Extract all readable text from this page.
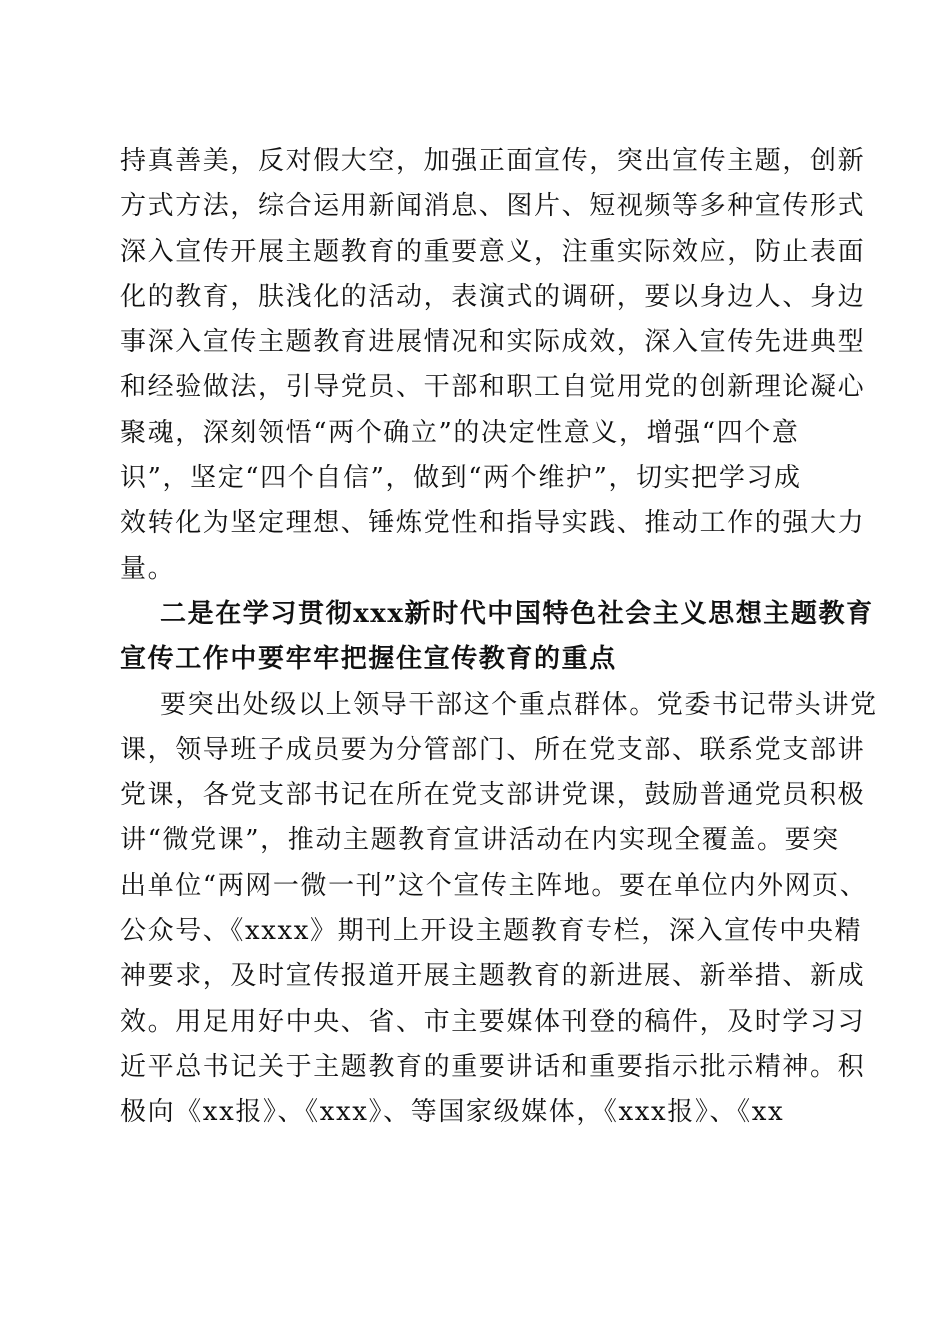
持真善美，反对假大空，加强正面宣传，突出宣传主题，创新
方式方法，综合运用新闻消息、图片、短视频等多种宣传形式
深入宣传开展主题教育的重要意义，注重实际效应，防止表面
化的教育，肤浅化的活动，表演式的调研，要以身边人、身边
事深入宣传主题教育进展情况和实际成效，深入宣传先进典型
和经验做法，引导党员、干部和职工自觉用党的创新理论凝心
聚魂，深刻领悟“两个确立”的决定性意义，增强“四个意
识”，坚定“四个自信”，做到“两个维护”，切实把学习成
效转化为坚定理想、锤炼党性和指导实践、推动工作的强大力
量。
二是在学习贯彻xxx新时代中国特色社会主义思想主题教育
宣传工作中要牢牢把握住宣传教育的重点
要突出处级以上领导干部这个重点群体。党委书记带头讲党
课，领导班子成员要为分管部门、所在党支部、联系党支部讲
党课，各党支部书记在所在党支部讲党课，鼓励普通党员积极
讲“微党课”，推动主题教育宣讲活动在内实现全覆盖。要突
出单位“两网一微一刊”这个宣传主阵地。要在单位内外网页、
公众号、《xxxx》期刊上开设主题教育专栏，深入宣传中央精
神要求，及时宣传报道开展主题教育的新进展、新举措、新成
效。用足用好中央、省、市主要媒体刊登的稿件，及时学习习
近平总书记关于主题教育的重要讲话和重要指示批示精神。积
极向《xx报》、《xxx》、等国家级媒体，《xxx报》、《xx
